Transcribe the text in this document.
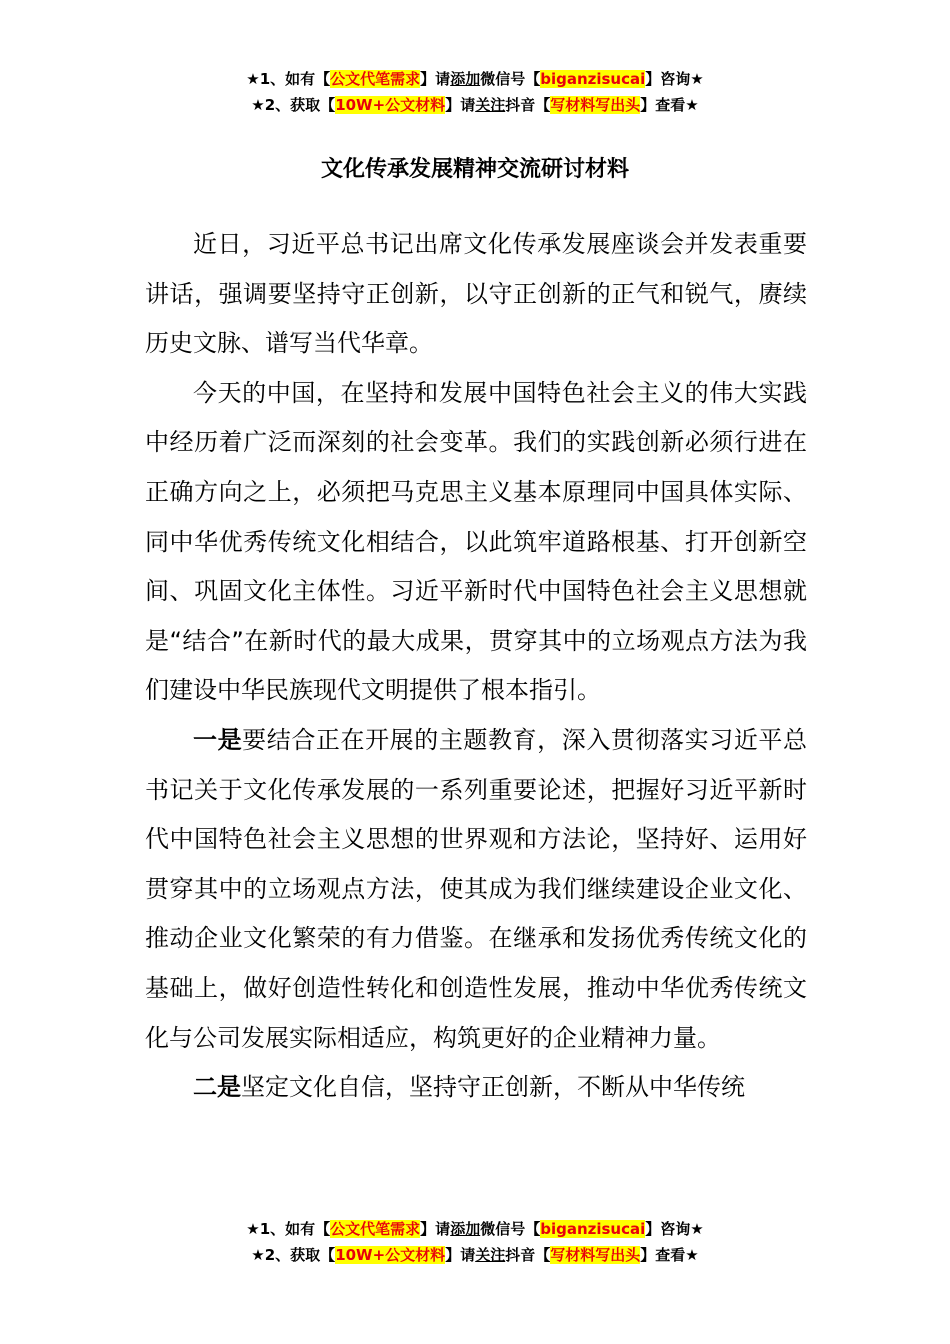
★1、如有【公文代笔需求】请添加微信号【biganzisucai】咨询★
★2、获取【10W+公文材料】请关注抖音【写材料写出头】查看★
文化传承发展精神交流研讨材料

近日，习近平总书记出席文化传承发展座谈会并发表重要讲话，强调要坚持守正创新，以守正创新的正气和锐气，赓续历史文脉、谱写当代华章。

今天的中国，在坚持和发展中国特色社会主义的伟大实践中经历着广泛而深刻的社会变革。我们的实践创新必须行进在正确方向之上，必须把马克思主义基本原理同中国具体实际、同中华优秀传统文化相结合，以此筑牢道路根基、打开创新空间、巩固文化主体性。习近平新时代中国特色社会主义思想就是“结合”在新时代的最大成果，贯穿其中的立场观点方法为我们建设中华民族现代文明提供了根本指引。

一是要结合正在开展的主题教育，深入贯彻落实习近平总书记关于文化传承发展的一系列重要论述，把握好习近平新时代中国特色社会主义思想的世界观和方法论，坚持好、运用好贯穿其中的立场观点方法，使其成为我们继续建设企业文化、推动企业文化繁荣的有力借鉴。在继承和发扬优秀传统文化的基础上，做好创造性转化和创造性发展，推动中华优秀传统文化与公司发展实际相适应，构筑更好的企业精神力量。

二是坚定文化自信，坚持守正创新，不断从中华传统

★1、如有【公文代笔需求】请添加微信号【biganzisucai】咨询★
★2、获取【10W+公文材料】请关注抖音【写材料写出头】查看★
